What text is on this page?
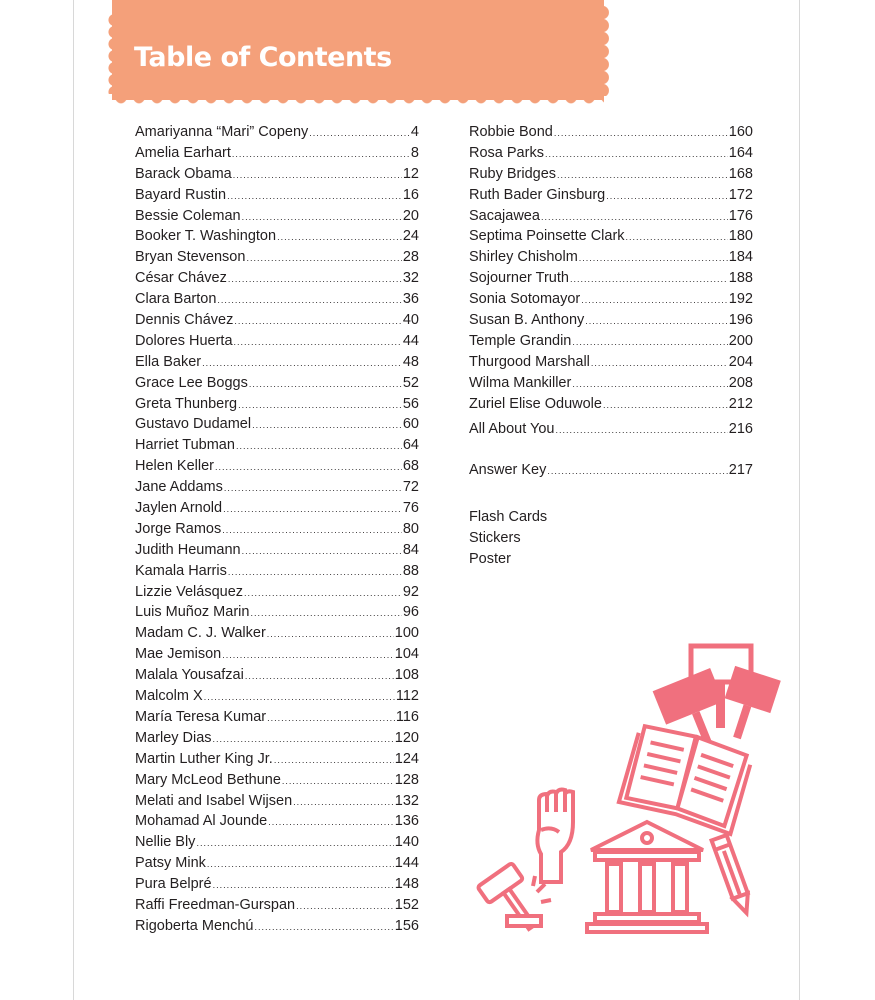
Table of Contents
Amariyanna “Mari” Copeny .....	4
Amelia Earhart .....	8
Barack Obama .....	12
Bayard Rustin .....	16
Bessie Coleman .....	20
Booker T. Washington .....	24
Bryan Stevenson .....	28
César Chávez .....	32
Clara Barton .....	36
Dennis Chávez .....	40
Dolores Huerta .....	44
Ella Baker .....	48
Grace Lee Boggs .....	52
Greta Thunberg .....	56
Gustavo Dudamel .....	60
Harriet Tubman .....	64
Helen Keller .....	68
Jane Addams .....	72
Jaylen Arnold .....	76
Jorge Ramos .....	80
Judith Heumann .....	84
Kamala Harris .....	88
Lizzie Velásquez .....	92
Luis Muñoz Marin .....	96
Madam C. J. Walker .....	100
Mae Jemison .....	104
Malala Yousafzai .....	108
Malcolm X .....	112
María Teresa Kumar .....	116
Marley Dias .....	120
Martin Luther King Jr. .....	124
Mary McLeod Bethune .....	128
Melati and Isabel Wijsen .....	132
Mohamad Al Jounde .....	136
Nellie Bly .....	140
Patsy Mink .....	144
Pura Belpré .....	148
Raffi Freedman-Gurspan .....	152
Rigoberta Menchú .....	156
Robbie Bond .....	160
Rosa Parks .....	164
Ruby Bridges .....	168
Ruth Bader Ginsburg .....	172
Sacajawea .....	176
Septima Poinsette Clark .....	180
Shirley Chisholm .....	184
Sojourner Truth .....	188
Sonia Sotomayor .....	192
Susan B. Anthony .....	196
Temple Grandin .....	200
Thurgood Marshall .....	204
Wilma Mankiller .....	208
Zuriel Elise Oduwole .....	212
All About You .....	216
Answer Key .....	217
Flash Cards
Stickers
Poster
